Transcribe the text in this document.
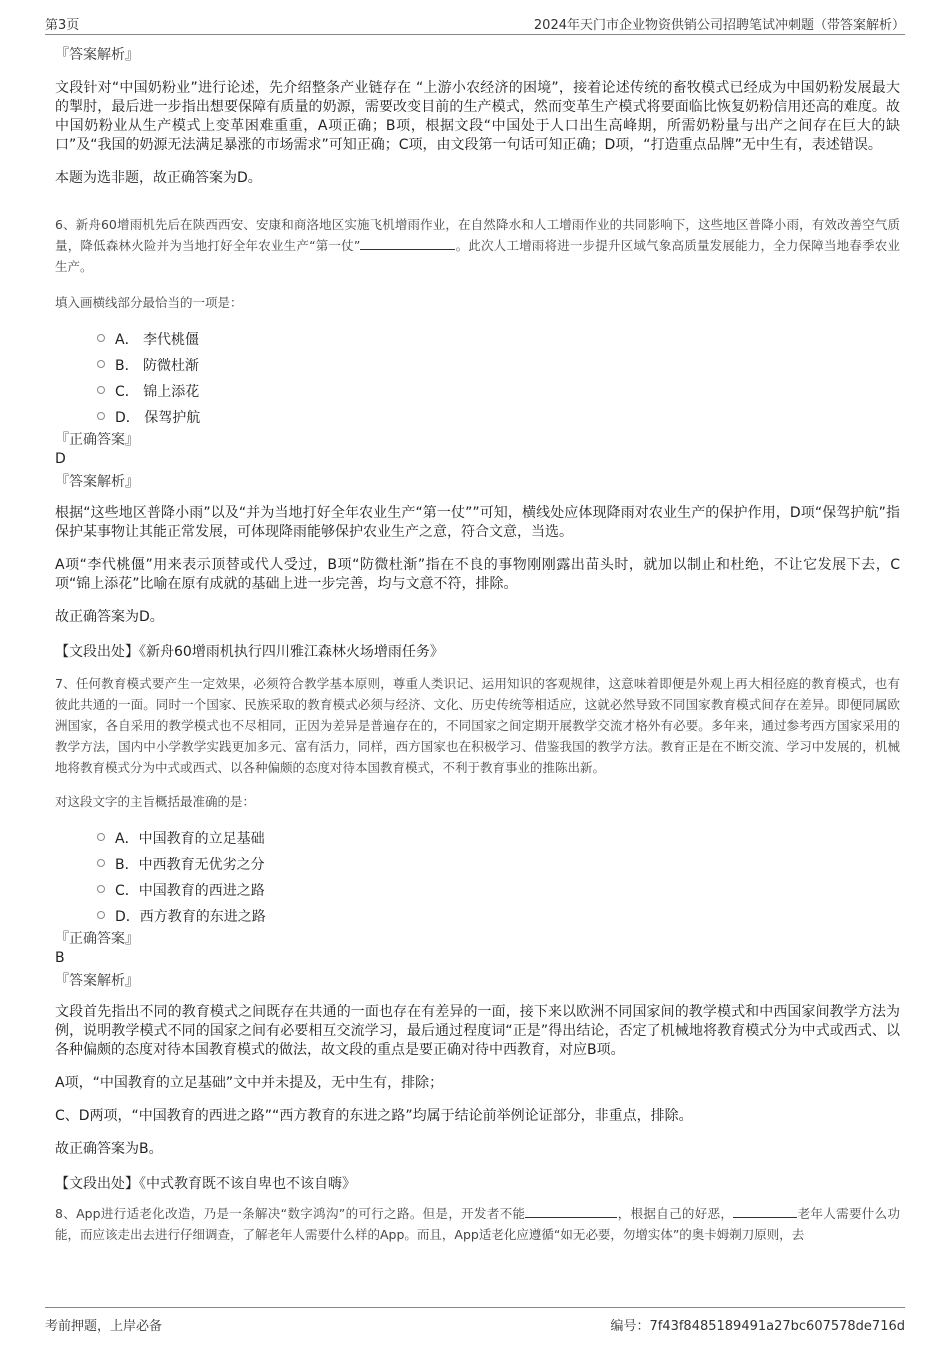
第3页	2024年天门市企业物资供销公司招聘笔试冲刺题（带答案解析）

『答案解析』

文段针对“中国奶粉业”进行论述，先介绍整条产业链存在 “上游小农经济的困境”，接着论述传统的畜牧模式已经成为中国奶粉发展最大的掣肘，最后进一步指出想要保障有质量的奶源，需要改变目前的生产模式，然而变革生产模式将要面临比恢复奶粉信用还高的难度。故中国奶粉业从生产模式上变革困难重重，A项正确；B项，根据文段“中国处于人口出生高峰期，所需奶粉量与出产之间存在巨大的缺口”及“我国的奶源无法满足暴涨的市场需求”可知正确；C项，由文段第一句话可知正确；D项，“打造重点品牌”无中生有，表述错误。

本题为选非题，故正确答案为D。

6、新舟60增雨机先后在陕西西安、安康和商洛地区实施飞机增雨作业，在自然降水和人工增雨作业的共同影响下，这些地区普降小雨，有效改善空气质量，降低森林火险并为当地打好全年农业生产“第一仗”	。此次人工增雨将进一步提升区域气象高质量发展能力，全力保障当地春季农业生产。

填入画横线部分最恰当的一项是：

A． 李代桃僵
B． 防微杜渐
C． 锦上添花
D． 保驾护航

『正确答案』

D

『答案解析』

根据“这些地区普降小雨”以及“并为当地打好全年农业生产“第一仗””可知，横线处应体现降雨对农业生产的保护作用，D项“保驾护航”指保护某事物让其能正常发展，可体现降雨能够保护农业生产之意，符合文意，当选。

A项“李代桃僵”用来表示顶替或代人受过，B项“防微杜渐”指在不良的事物刚刚露出苗头时，就加以制止和杜绝，不让它发展下去，C项“锦上添花”比喻在原有成就的基础上进一步完善，均与文意不符，排除。

故正确答案为D。

【文段出处】《新舟60增雨机执行四川雅江森林火场增雨任务》

7、任何教育模式要产生一定效果，必须符合教学基本原则，尊重人类识记、运用知识的客观规律，这意味着即便是外观上再大相径庭的教育模式，也有彼此共通的一面。同时一个国家、民族采取的教育模式必须与经济、文化、历史传统等相适应，这就必然导致不同国家教育模式间存在差异。即便同属欧洲国家，各自采用的教学模式也不尽相同，正因为差异是普遍存在的，不同国家之间定期开展教学交流才格外有必要。多年来，通过参考西方国家采用的教学方法，国内中小学教学实践更加多元、富有活力，同样，西方国家也在积极学习、借鉴我国的教学方法。教育正是在不断交流、学习中发展的，机械地将教育模式分为中式或西式、以各种偏颇的态度对待本国教育模式，不利于教育事业的推陈出新。

对这段文字的主旨概括最准确的是：

A．中国教育的立足基础
B．中西教育无优劣之分
C．中国教育的西进之路
D．西方教育的东进之路

『正确答案』

B

『答案解析』

文段首先指出不同的教育模式之间既存在共通的一面也存在有差异的一面，接下来以欧洲不同国家间的教学模式和中西国家间教学方法为例，说明教学模式不同的国家之间有必要相互交流学习，最后通过程度词“正是”得出结论，否定了机械地将教育模式分为中式或西式、以各种偏颇的态度对待本国教育模式的做法，故文段的重点是要正确对待中西教育，对应B项。

A项，“中国教育的立足基础”文中并未提及，无中生有，排除；

C、D两项，“中国教育的西进之路”“西方教育的东进之路”均属于结论前举例论证部分，非重点，排除。

故正确答案为B。

【文段出处】《中式教育既不该自卑也不该自嗨》

8、App进行适老化改造，乃是一条解决“数字鸿沟”的可行之路。但是，开发者不能	，根据自己的好恶，	老年人需要什么功能，而应该走出去进行仔细调查，了解老年人需要什么样的App。而且，App适老化应遵循“如无必要，勿增实体”的奥卡姆剃刀原则，去

考前押题，上岸必备	编号：7f43f8485189491a27bc607578de716d
